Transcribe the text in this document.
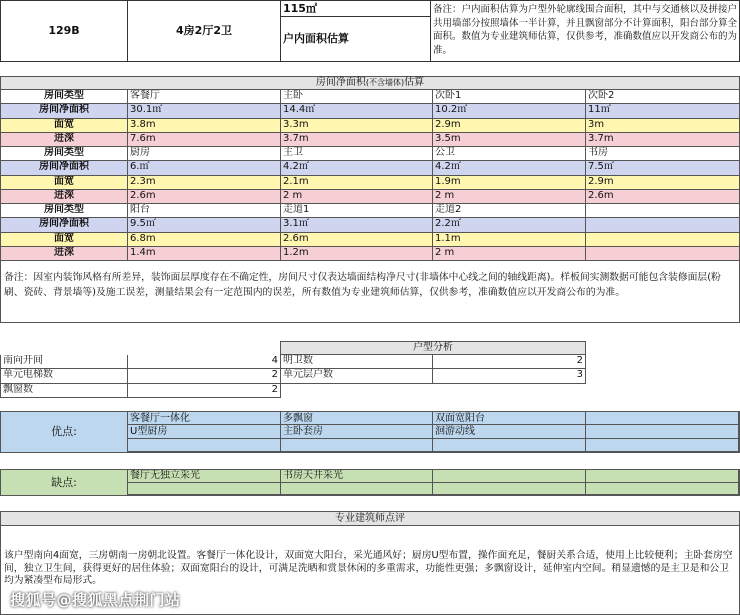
129B	4房2厅2卫
115㎡
户内面积估算
备注：户内面积估算为户型外轮廓线围合面积，其中与交通核以及拼接户共用墙部分按照墙体一半计算，并且飘窗部分不计算面积，阳台部分算全面积。数值为专业建筑师估算，仅供参考，准确数值应以开发商公布的为准。
房间净面积(不含墙体)估算
房间类型	客餐厅	主卧	次卧1	次卧2
房间净面积	30.1㎡	14.4㎡	10.2㎡	11㎡
面宽	3.8m	3.3m	2.9m	3m
进深	7.6m	3.7m	3.5m	3.7m
房间类型	厨房	主卫	公卫	书房
房间净面积	6.㎡	4.2㎡	4.2㎡	7.5㎡
面宽	2.3m	2.1m	1.9m	2.9m
进深	2.6m	2 m	2 m	2.6m
房间类型	阳台	走道1	走道2
房间净面积	9.5㎡	3.1㎡	2.2㎡
面宽	6.8m	2.6m	1.1m
进深	1.4m	1.2m	2 m
备注：因室内装饰风格有所差异，装饰面层厚度存在不确定性，房间尺寸仅表达墙面结构净尺寸(非墙体中心线之间的轴线距离)。样板间实测数据可能包含装修面层(粉刷、瓷砖、背景墙等)及施工误差，测量结果会有一定范围内的误差，所有数值为专业建筑师估算，仅供参考，准确数值应以开发商公布的为准。
户型分析
南向开间	4 明卫数	2
单元电梯数	2 单元层户数	3
飘窗数	2
优点:
客餐厅一体化	多飘窗	双面宽阳台
U型厨房	主卧套房	洄游动线
缺点:
餐厅无独立采光	书房天井采光
专业建筑师点评
该户型南向4面宽，三房朝南一房朝北设置。客餐厅一体化设计，双面宽大阳台，采光通风好；厨房U型布置，操作面充足，餐厨关系合适，使用上比较便利；主卧套房空间，独立卫生间，获得更好的居住体验；双面宽阳台的设计，可满足洗晒和赏景休闲的多重需求，功能性更强；多飘窗设计，延伸室内空间。稍显遗憾的是主卫是和公卫均为紧凑型布局形式。
搜狐号@搜狐黑点荆门站
